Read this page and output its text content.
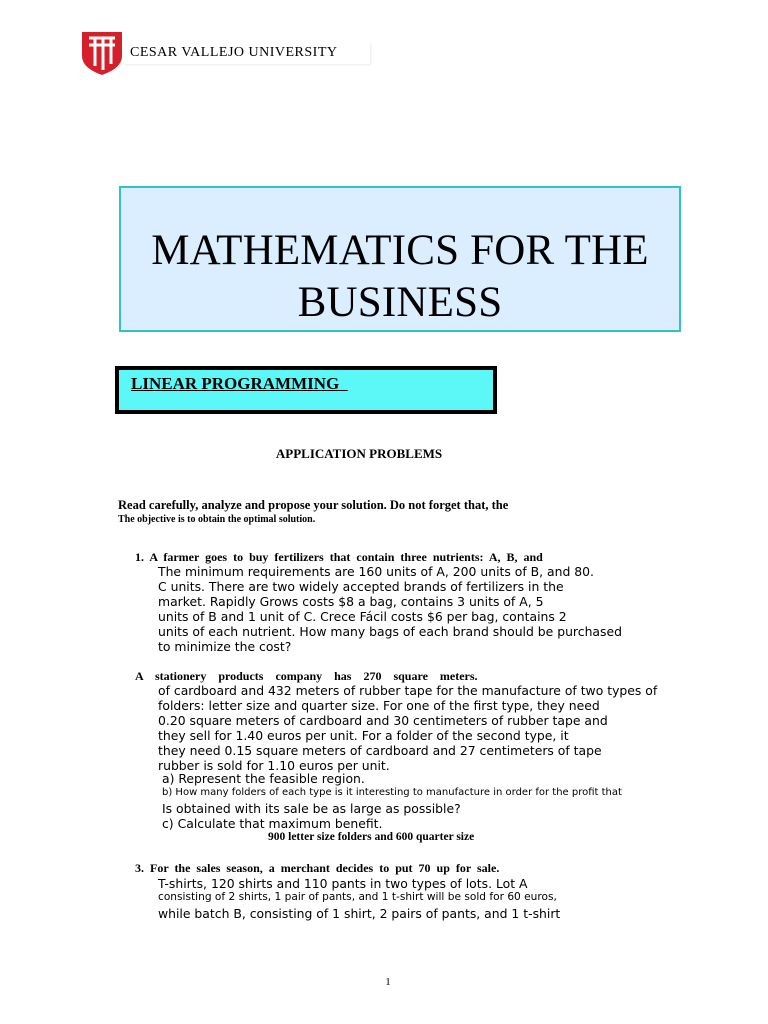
CESAR VALLEJO UNIVERSITY
MATHEMATICS FOR THE
BUSINESS
LINEAR PROGRAMMING
APPLICATION PROBLEMS
Read carefully, analyze and propose your solution. Do not forget that, the
The objective is to obtain the optimal solution.
1.  A  farmer  goes  to  buy  fertilizers  that  contain  three  nutrients:  A,  B,  and
The minimum requirements are 160 units of A, 200 units of B, and 80.
C units. There are two widely accepted brands of fertilizers in the
market. Rapidly Grows costs $8 a bag, contains 3 units of A, 5
units of B and 1 unit of C. Crece Fácil costs $6 per bag, contains 2
units of each nutrient. How many bags of each brand should be purchased
to minimize the cost?
A    stationery    products    company    has    270    square    meters.
of cardboard and 432 meters of rubber tape for the manufacture of two types of
folders: letter size and quarter size. For one of the first type, they need
0.20 square meters of cardboard and 30 centimeters of rubber tape and
they sell for 1.40 euros per unit. For a folder of the second type, it
they need 0.15 square meters of cardboard and 27 centimeters of tape
rubber is sold for 1.10 euros per unit.
a) Represent the feasible region.
b) How many folders of each type is it interesting to manufacture in order for the profit that
Is obtained with its sale be as large as possible?
c) Calculate that maximum benefit.
900 letter size folders and 600 quarter size
3.  For  the  sales  season,  a  merchant  decides  to  put  70  up  for  sale.
T-shirts, 120 shirts and 110 pants in two types of lots. Lot A
consisting of 2 shirts, 1 pair of pants, and 1 t-shirt will be sold for 60 euros,
while batch B, consisting of 1 shirt, 2 pairs of pants, and 1 t-shirt
1
